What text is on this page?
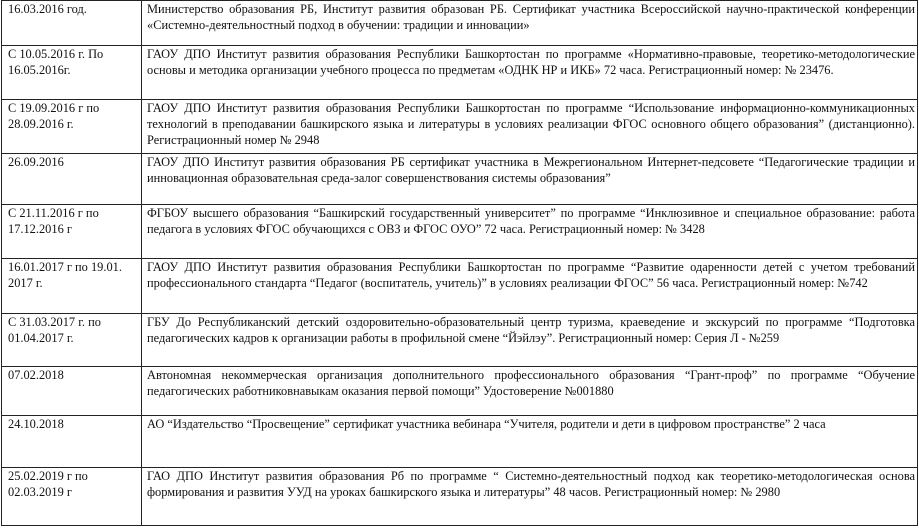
16.03.2016 год.	Министерство образования РБ, Институт развития образован РБ. Сертификат участника Всероссийской научно-практической конференции «Системно-деятельностный подход в обучении: традиции и инновации»
С 10.05.2016 г. По 16.05.2016г.	ГАОУ ДПО Институт развития образования Республики Башкортостан по программе «Нормативно-правовые, теоретико-методологические основы и методика организации учебного процесса по предметам «ОДНК НР и ИКБ» 72 часа. Регистрационный номер: № 23476.
С 19.09.2016 г по 28.09.2016 г.	ГАОУ ДПО Институт развития образования Республики Башкортостан по программе “Использование информационно-коммуникационных технологий в преподавании башкирского языка и литературы в условиях реализации ФГОС основного общего образования” (дистанционно). Регистрационный номер № 2948
26.09.2016	ГАОУ ДПО Институт развития образования РБ сертификат участника в Межрегиональном Интернет-педсовете “Педагогические традиции и инновационная образовательная среда-залог совершенствования системы образования”
С 21.11.2016 г по 17.12.2016 г	ФГБОУ высшего образования “Башкирский государственный университет” по программе “Инклюзивное и специальное образование: работа педагога в условиях ФГОС обучающихся с ОВЗ и ФГОС ОУО” 72 часа. Регистрационный номер: № 3428
16.01.2017 г по 19.01. 2017 г.	ГАОУ ДПО Институт развития образования Республики Башкортостан по программе “Развитие одаренности детей с учетом требований профессионального стандарта “Педагог (воспитатель, учитель)” в условиях реализации ФГОС” 56 часа. Регистрационный номер: №742
С 31.03.2017 г. по 01.04.2017 г.	ГБУ До Республиканский детский оздоровительно-образовательный центр туризма, краеведение и экскурсий по программе “Подготовка педагогических кадров к организации работы в профильной смене “Йэйлэу”. Регистрационный номер: Серия Л - №259
07.02.2018	Автономная некоммерческая организация дополнительного профессионального образования “Грант-проф” по программе “Обучение педагогических работниковнавыкам оказания первой помощи” Удостоверение №001880
24.10.2018	АО “Издательство “Просвещение” сертификат участника вебинара “Учителя, родители и дети в цифровом пространстве” 2 часа
25.02.2019 г по 02.03.2019 г	ГАО ДПО Институт развития образования Рб по программе “ Системно-деятельностный подход как теоретико-методологическая основа формирования и развития УУД на уроках башкирского языка и литературы” 48 часов. Регистрационный номер: № 2980
